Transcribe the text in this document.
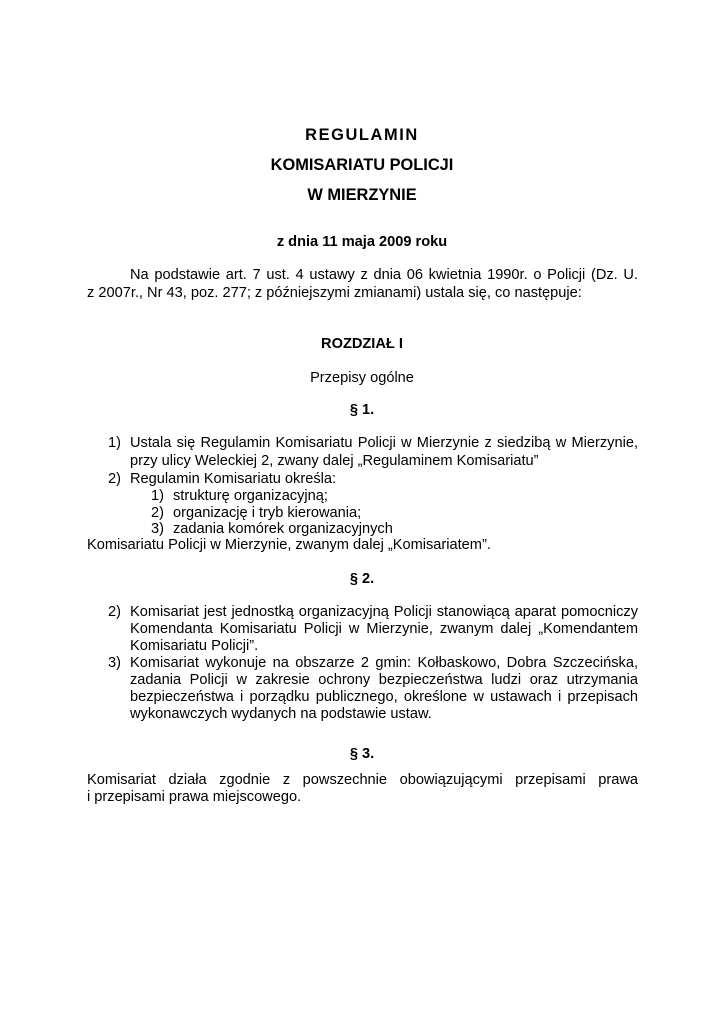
REGULAMIN
KOMISARIATU POLICJI
W MIERZYNIE
z dnia 11 maja 2009 roku
Na podstawie art. 7 ust. 4 ustawy z dnia 06 kwietnia 1990r. o Policji (Dz. U.
z 2007r., Nr 43, poz. 277; z późniejszymi zmianami) ustala się, co następuje:
ROZDZIAŁ I
Przepisy ogólne
§ 1.
1) Ustala się Regulamin Komisariatu Policji w Mierzynie z siedzibą w Mierzynie,
przy ulicy Weleckiej 2, zwany dalej „Regulaminem Komisariatu”
2) Regulamin Komisariatu określa:
1) strukturę organizacyjną;
2) organizację i tryb kierowania;
3) zadania komórek organizacyjnych
Komisariatu Policji w Mierzynie, zwanym dalej „Komisariatem”.
§ 2.
2) Komisariat jest jednostką organizacyjną Policji stanowiącą aparat pomocniczy
Komendanta Komisariatu Policji w Mierzynie, zwanym dalej „Komendantem
Komisariatu Policji”.
3) Komisariat wykonuje na obszarze 2 gmin: Kołbaskowo, Dobra Szczecińska,
zadania Policji w zakresie ochrony bezpieczeństwa ludzi oraz utrzymania
bezpieczeństwa i porządku publicznego, określone w ustawach i przepisach
wykonawczych wydanych na podstawie ustaw.
§ 3.
Komisariat działa zgodnie z powszechnie obowiązującymi przepisami prawa
i przepisami prawa miejscowego.
